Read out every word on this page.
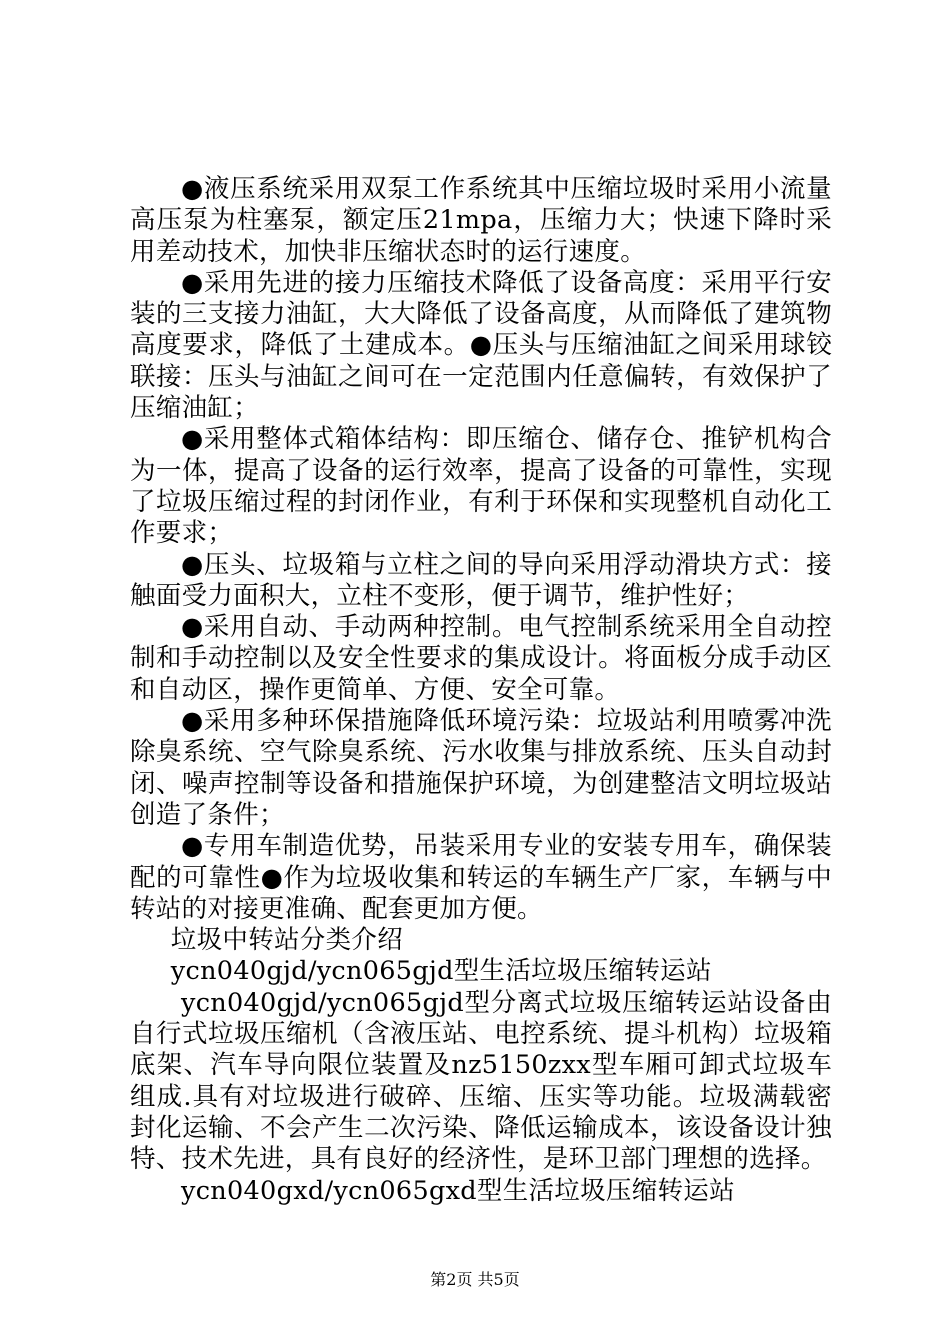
●液压系统采用双泵工作系统其中压缩垃圾时采用小流量高压泵为柱塞泵，额定压21mpa，压缩力大；快速下降时采用差动技术，加快非压缩状态时的运行速度。

●采用先进的接力压缩技术降低了设备高度：采用平行安装的三支接力油缸，大大降低了设备高度，从而降低了建筑物高度要求，降低了土建成本。●压头与压缩油缸之间采用球铰联接：压头与油缸之间可在一定范围内任意偏转，有效保护了压缩油缸；

●采用整体式箱体结构：即压缩仓、储存仓、推铲机构合为一体，提高了设备的运行效率，提高了设备的可靠性，实现了垃圾压缩过程的封闭作业，有利于环保和实现整机自动化工作要求；

●压头、垃圾箱与立柱之间的导向采用浮动滑块方式：接触面受力面积大，立柱不变形，便于调节，维护性好；

●采用自动、手动两种控制。电气控制系统采用全自动控制和手动控制以及安全性要求的集成设计。将面板分成手动区和自动区，操作更简单、方便、安全可靠。

●采用多种环保措施降低环境污染：垃圾站利用喷雾冲洗除臭系统、空气除臭系统、污水收集与排放系统、压头自动封闭、噪声控制等设备和措施保护环境，为创建整洁文明垃圾站创造了条件；

●专用车制造优势，吊装采用专业的安装专用车，确保装配的可靠性●作为垃圾收集和转运的车辆生产厂家，车辆与中转站的对接更准确、配套更加方便。

垃圾中转站分类介绍

ycn040gjd/ycn065gjd型生活垃圾压缩转运站

ycn040gjd/ycn065gjd型分离式垃圾压缩转运站设备由自行式垃圾压缩机（含液压站、电控系统、提斗机构）垃圾箱底架、汽车导向限位装置及nz5150zxx型车厢可卸式垃圾车组成.具有对垃圾进行破碎、压缩、压实等功能。垃圾满载密封化运输、不会产生二次污染、降低运输成本，该设备设计独特、技术先进，具有良好的经济性，是环卫部门理想的选择。

ycn040gxd/ycn065gxd型生活垃圾压缩转运站

第2页 共5页
